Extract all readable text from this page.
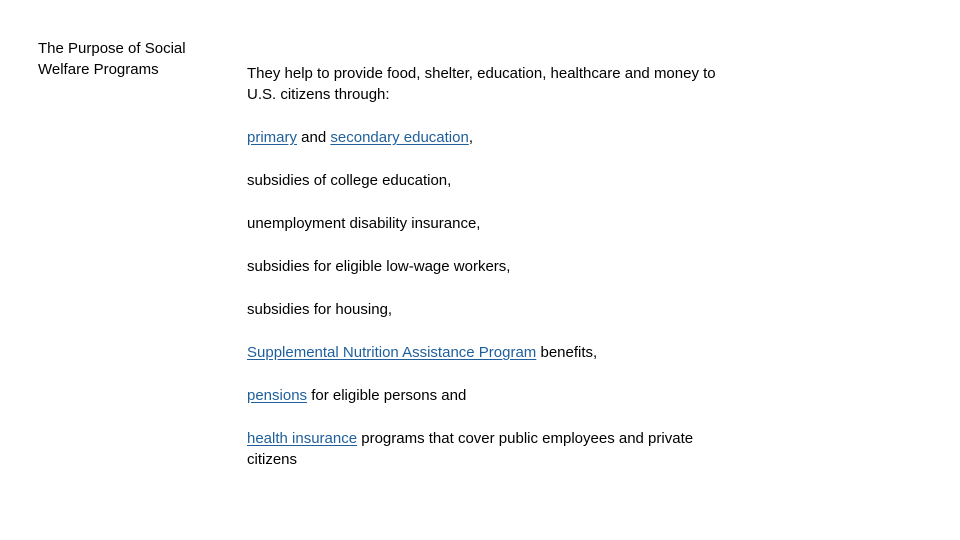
The Purpose of Social Welfare Programs	They help to provide food, shelter, education, healthcare and money to U.S. citizens through:

primary and secondary education,
subsidies of college education,
unemployment disability insurance,
subsidies for eligible low-wage workers,
subsidies for housing,
Supplemental Nutrition Assistance Program benefits,
pensions for eligible persons and
health insurance programs that cover public employees and private citizens
